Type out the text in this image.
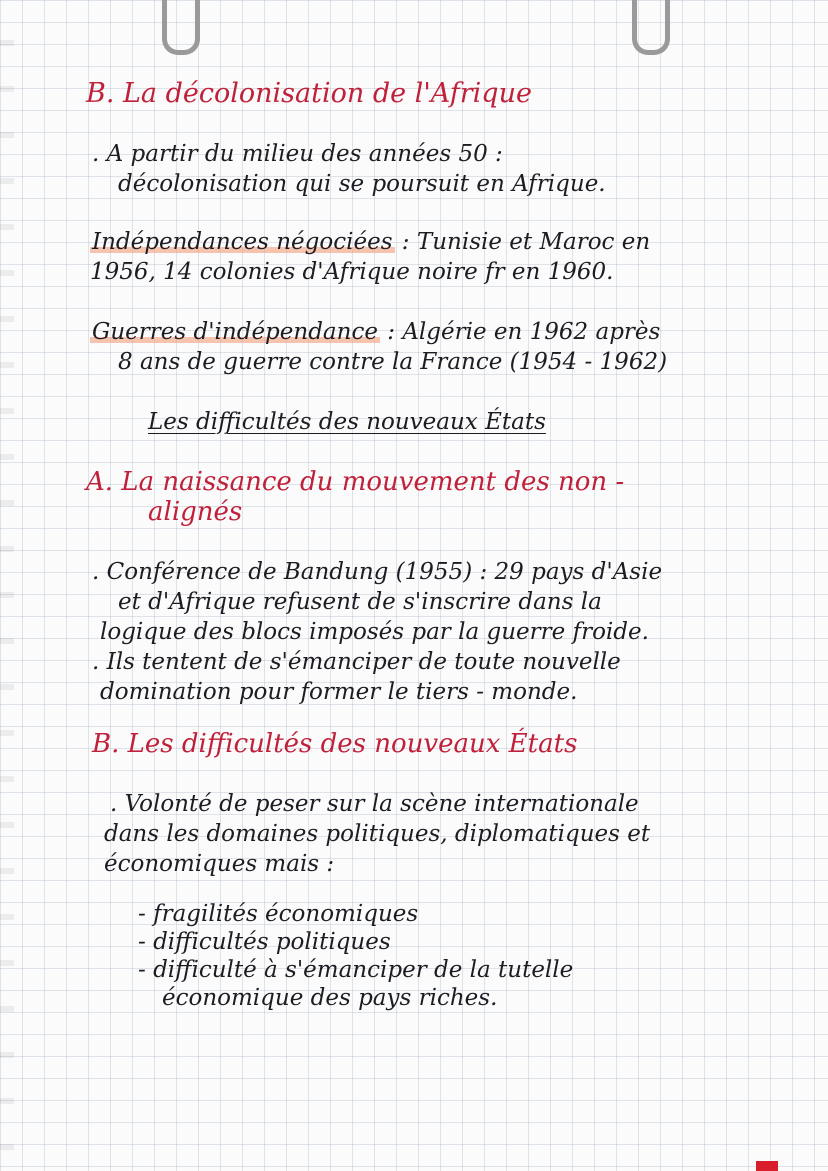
B. La décolonisation de l'Afrique
. A partir du milieu des années 50 :
décolonisation qui se poursuit en Afrique.
Indépendances négociées : Tunisie et Maroc en
1956, 14 colonies d'Afrique noire fr en 1960.
Guerres d'indépendance : Algérie en 1962 après
8 ans de guerre contre la France (1954 - 1962)
Les difficultés des nouveaux États
A. La naissance du mouvement des non -
alignés
. Conférence de Bandung (1955) : 29 pays d'Asie
et d'Afrique refusent de s'inscrire dans la
logique des blocs imposés par la guerre froide.
. Ils tentent de s'émanciper de toute nouvelle
domination pour former le tiers - monde.
B. Les difficultés des nouveaux États
. Volonté de peser sur la scène internationale
dans les domaines politiques, diplomatiques et
économiques mais :
- fragilités économiques
- difficultés politiques
- difficulté à s'émanciper de la tutelle
économique des pays riches.
